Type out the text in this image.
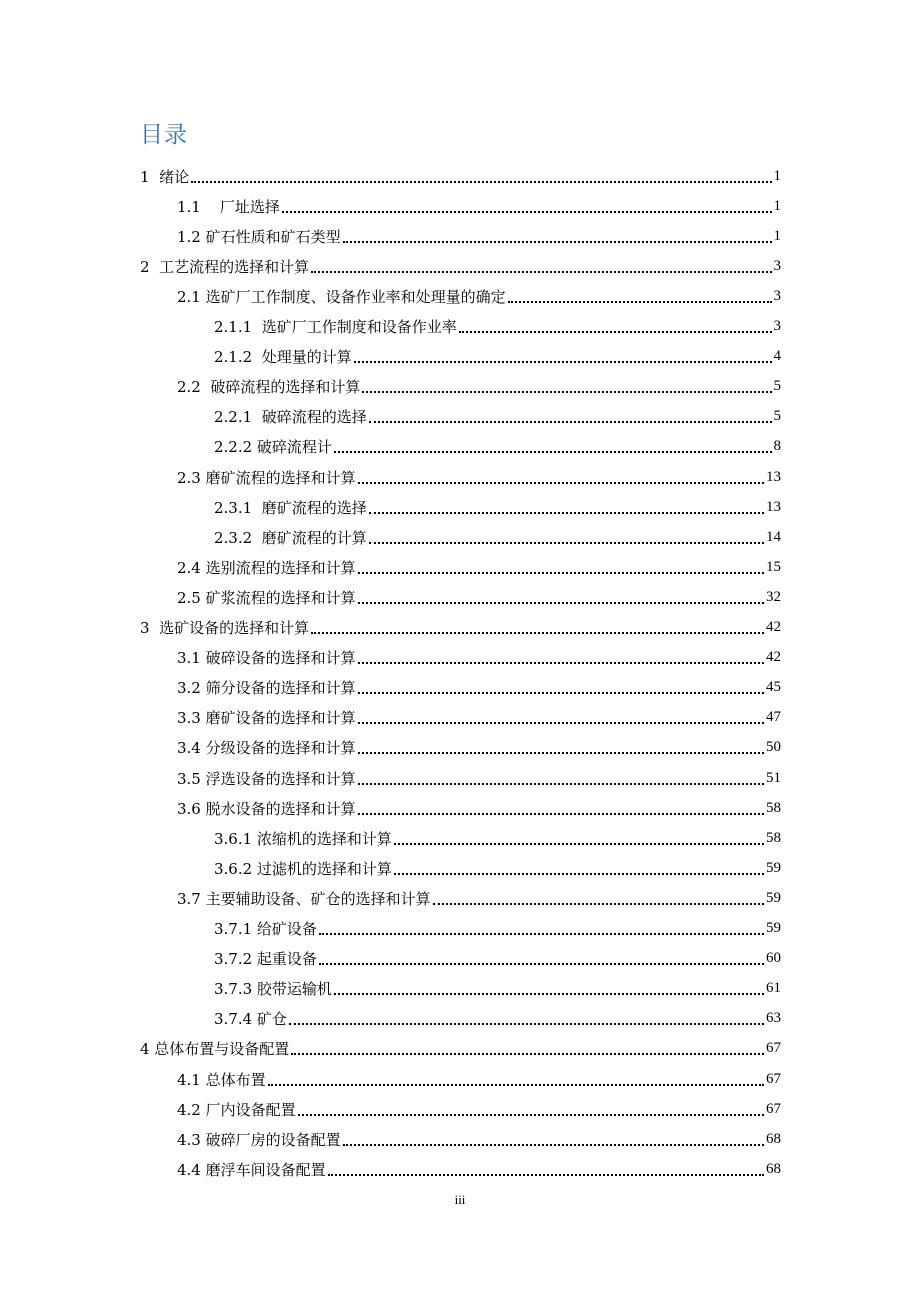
目录
1  绪论	1
1.1    厂址选择	1
1.2 矿石性质和矿石类型	1
2  工艺流程的选择和计算	3
2.1 选矿厂工作制度、设备作业率和处理量的确定	3
2.1.1  选矿厂工作制度和设备作业率	3
2.1.2  处理量的计算	4
2.2  破碎流程的选择和计算	5
2.2.1  破碎流程的选择	5
2.2.2 破碎流程计	8
2.3 磨矿流程的选择和计算	13
2.3.1  磨矿流程的选择	13
2.3.2  磨矿流程的计算	14
2.4 选别流程的选择和计算	15
2.5 矿浆流程的选择和计算	32
3  选矿设备的选择和计算	42
3.1 破碎设备的选择和计算	42
3.2 筛分设备的选择和计算	45
3.3 磨矿设备的选择和计算	47
3.4 分级设备的选择和计算	50
3.5 浮选设备的选择和计算	51
3.6 脱水设备的选择和计算	58
3.6.1 浓缩机的选择和计算	58
3.6.2 过滤机的选择和计算	59
3.7 主要辅助设备、矿仓的选择和计算	59
3.7.1 给矿设备	59
3.7.2 起重设备	60
3.7.3 胶带运输机	61
3.7.4 矿仓	63
4 总体布置与设备配置	67
4.1 总体布置	67
4.2 厂内设备配置	67
4.3 破碎厂房的设备配置	68
4.4 磨浮车间设备配置	68
iii
